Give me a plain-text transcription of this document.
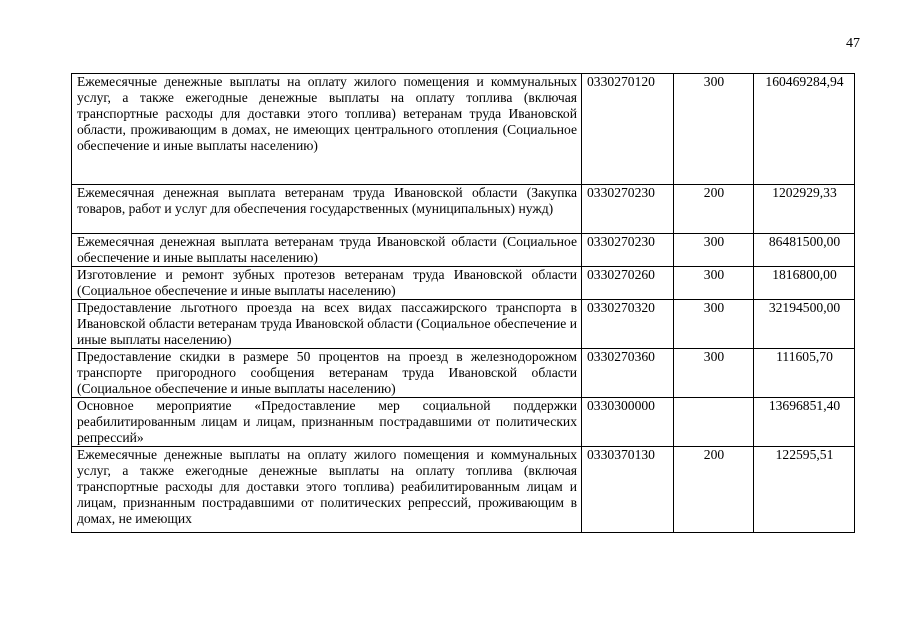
47
Ежемесячные денежные выплаты на оплату жилого помещения и коммунальных услуг, а также ежегодные денежные выплаты на оплату топлива (включая транспортные расходы для доставки этого топлива) ветеранам труда Ивановской области, проживающим в домах, не имеющих центрального отопления (Социальное обеспечение и иные выплаты населению)	0330270120	300	160469284,94
Ежемесячная денежная выплата ветеранам труда Ивановской области (Закупка товаров, работ и услуг для обеспечения государственных (муниципальных) нужд)	0330270230	200	1202929,33
Ежемесячная денежная выплата ветеранам труда Ивановской области (Социальное обеспечение и иные выплаты населению)	0330270230	300	86481500,00
Изготовление и ремонт зубных протезов ветеранам труда Ивановской области (Социальное обеспечение и иные выплаты населению)	0330270260	300	1816800,00
Предоставление льготного проезда на всех видах пассажирского транспорта в Ивановской области ветеранам труда Ивановской области (Социальное обеспечение и иные выплаты населению)	0330270320	300	32194500,00
Предоставление скидки в размере 50 процентов на проезд в железнодорожном транспорте пригородного сообщения ветеранам труда Ивановской области (Социальное обеспечение и иные выплаты населению)	0330270360	300	111605,70
Основное мероприятие «Предоставление мер социальной поддержки реабилитированным лицам и лицам, признанным пострадавшими от политических репрессий»	0330300000		13696851,40
Ежемесячные денежные выплаты на оплату жилого помещения и коммунальных услуг, а также ежегодные денежные выплаты на оплату топлива (включая транспортные расходы для доставки этого топлива) реабилитированным лицам и лицам, признанным пострадавшими от политических репрессий, проживающим в домах, не имеющих	0330370130	200	122595,51
